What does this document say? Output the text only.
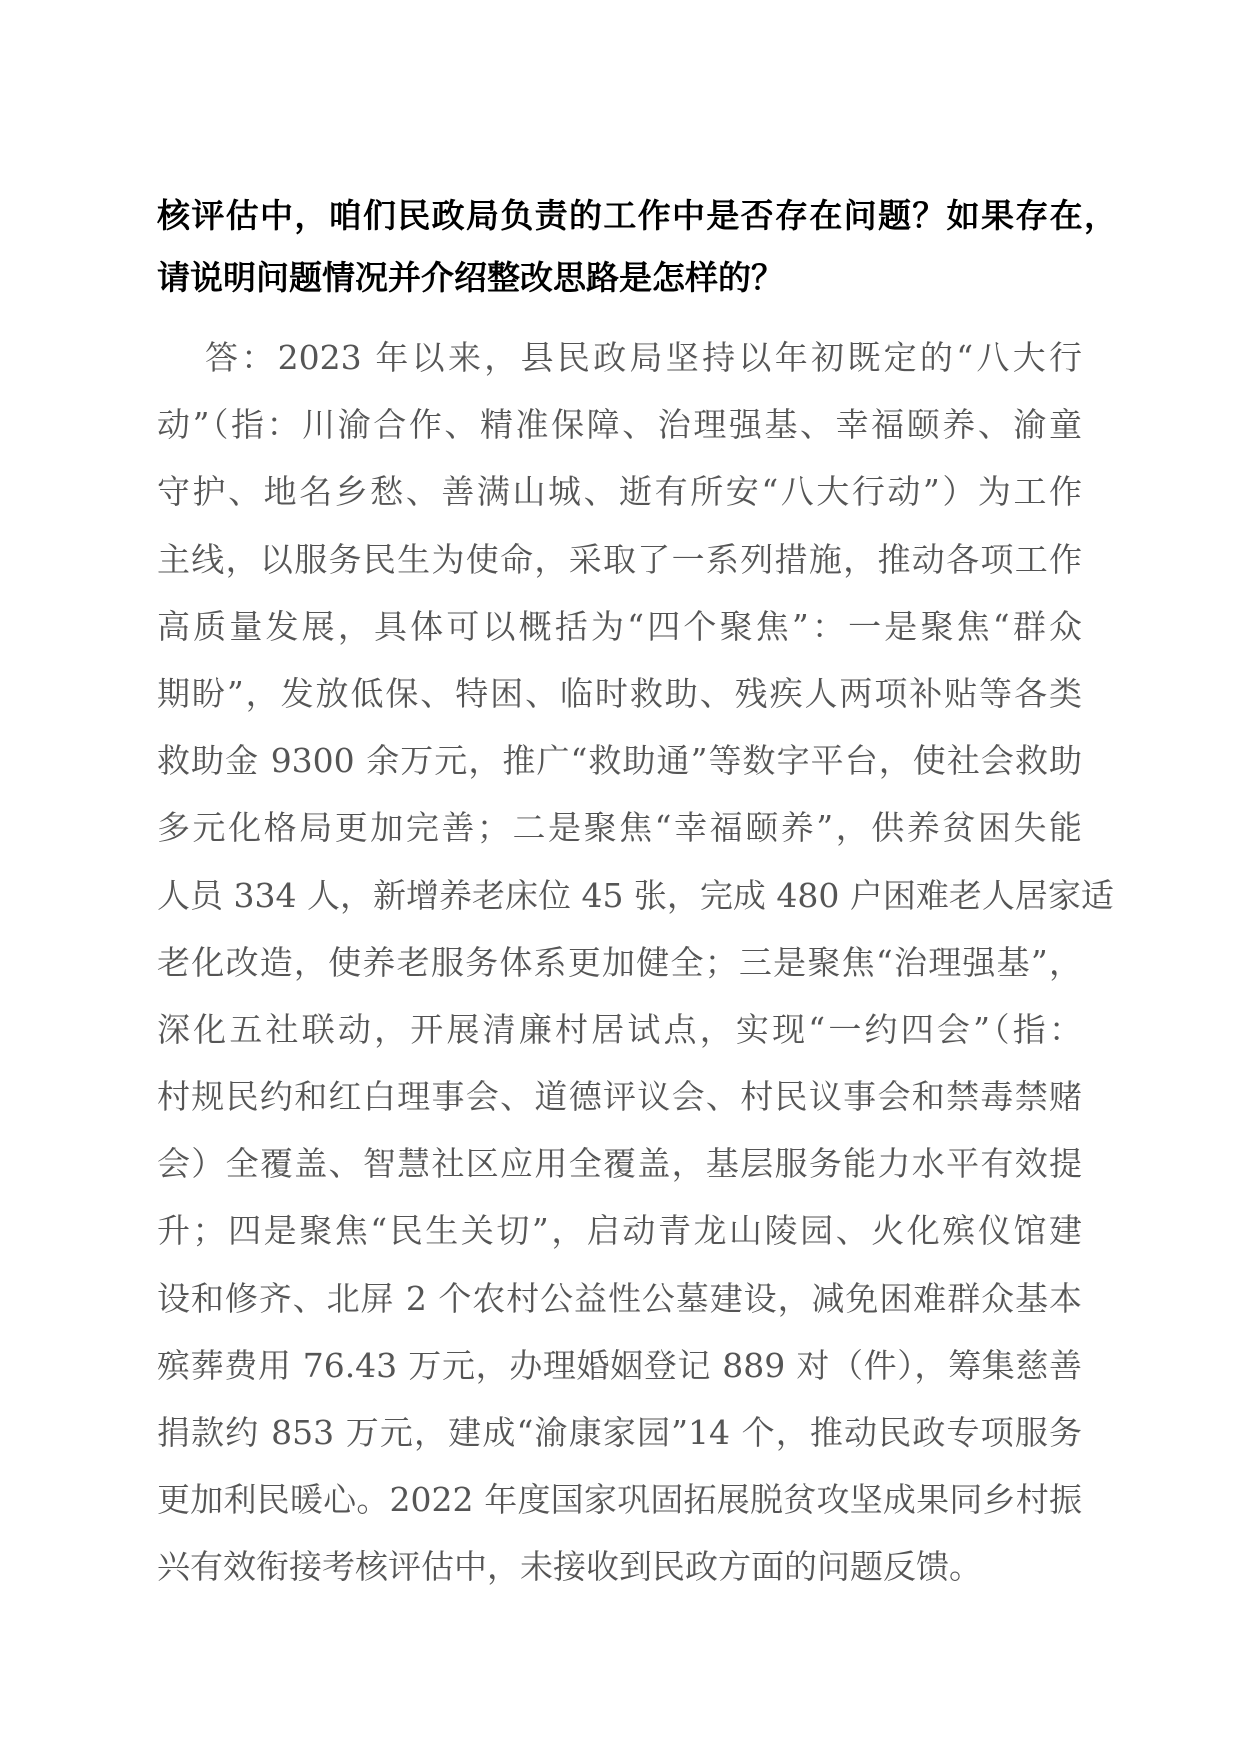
核评估中，咱们民政局负责的工作中是否存在问题？如果存在，
请说明问题情况并介绍整改思路是怎样的？
答：2023 年以来，县民政局坚持以年初既定的“八大行
动”（指：川渝合作、精准保障、治理强基、幸福颐养、渝童
守护、地名乡愁、善满山城、逝有所安“八大行动”）为工作
主线，以服务民生为使命，采取了一系列措施，推动各项工作
高质量发展，具体可以概括为“四个聚焦”：一是聚焦“群众
期盼”，发放低保、特困、临时救助、残疾人两项补贴等各类
救助金 9300 余万元，推广“救助通”等数字平台，使社会救助
多元化格局更加完善；二是聚焦“幸福颐养”，供养贫困失能
人员 334 人，新增养老床位 45 张，完成 480 户困难老人居家适
老化改造，使养老服务体系更加健全；三是聚焦“治理强基”，
深化五社联动，开展清廉村居试点，实现“一约四会”（指：
村规民约和红白理事会、道德评议会、村民议事会和禁毒禁赌
会）全覆盖、智慧社区应用全覆盖，基层服务能力水平有效提
升；四是聚焦“民生关切”，启动青龙山陵园、火化殡仪馆建
设和修齐、北屏 2 个农村公益性公墓建设，减免困难群众基本
殡葬费用 76.43 万元，办理婚姻登记 889 对（件），筹集慈善
捐款约 853 万元，建成“渝康家园”14 个，推动民政专项服务
更加利民暖心。2022 年度国家巩固拓展脱贫攻坚成果同乡村振
兴有效衔接考核评估中，未接收到民政方面的问题反馈。
